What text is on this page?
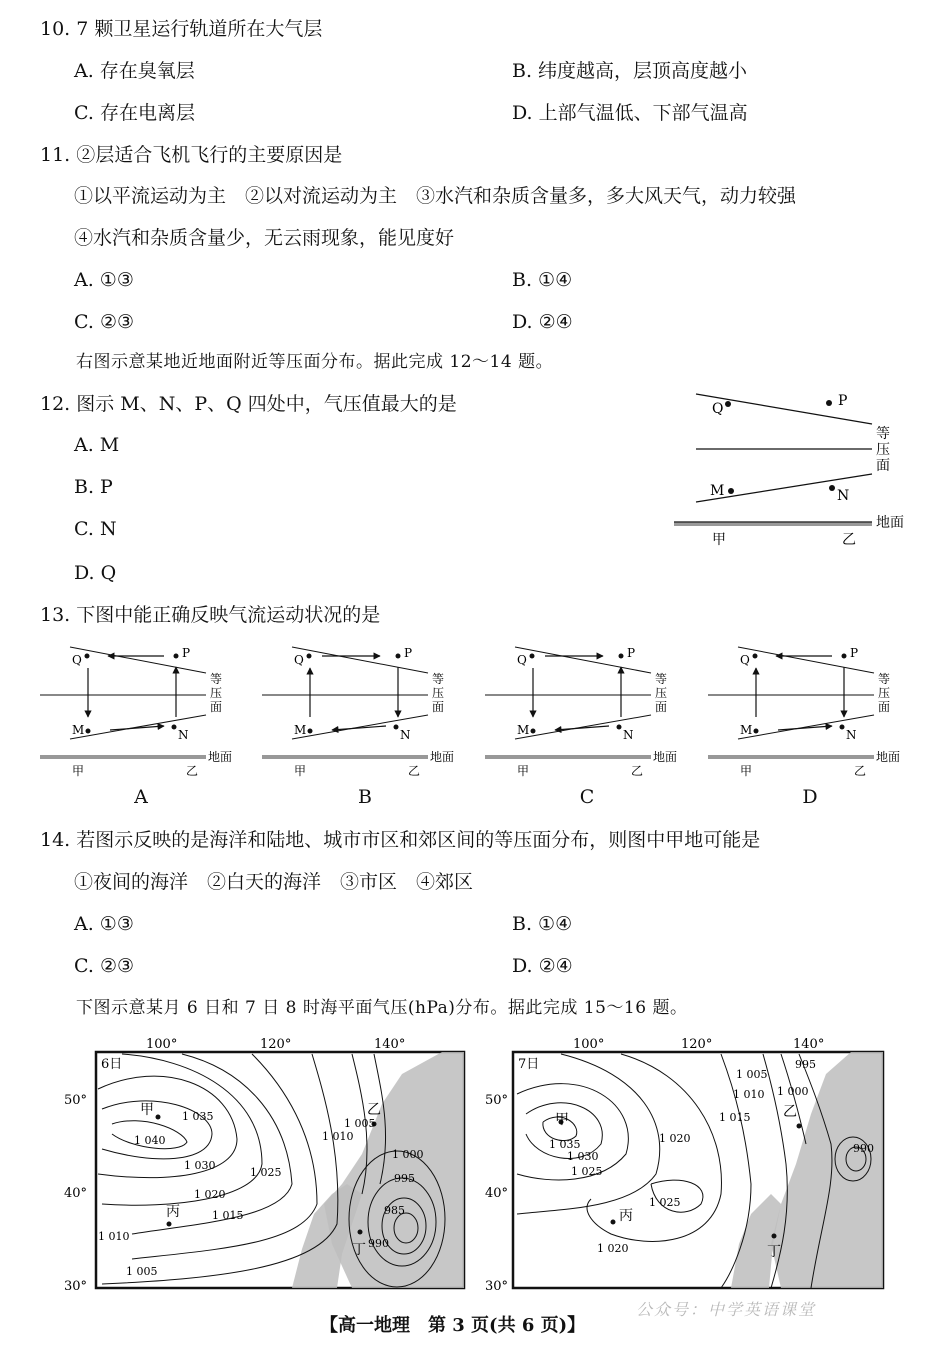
10. 7 颗卫星运行轨道所在大气层
A. 存在臭氧层	B. 纬度越高，层顶高度越小
C. 存在电离层	D. 上部气温低、下部气温高
11. ②层适合飞机飞行的主要原因是
①以平流运动为主　②以对流运动为主　③水汽和杂质含量多，多大风天气，动力较强
④水汽和杂质含量少，无云雨现象，能见度好
A. ①③	B. ①④
C. ②③	D. ②④
右图示意某地近地面附近等压面分布。据此完成 12～14 题。
12. 图示 M、N、P、Q 四处中，气压值最大的是
A. M
B. P
C. N
D. Q
Q	P
M	N
等
压
面
地面
甲	乙
13. 下图中能正确反映气流运动状况的是
Q	P
M	N
等
压
面
地面
甲	乙
Q	P
M	N
等
压
面
地面
甲	乙
Q	P
M	N
等
压
面
地面
甲	乙
Q	P
M	N
等
压
面
地面
甲	乙
A	B	C	D
14. 若图示反映的是海洋和陆地、城市市区和郊区间的等压面分布，则图中甲地可能是
①夜间的海洋　②白天的海洋　③市区　④郊区
A. ①③	B. ①④
C. ②③	D. ②④
下图示意某月 6 日和 7 日 8 时海平面气压(hPa)分布。据此完成 15～16 题。
100°	120°	140°
50°
40°
30°
甲	乙
丙
丁
6日
1 040
1 035
1 030
1 025
1 020
1 015
1 010
1 005
1 010
1 005
1 000
995
985
990
100°	120°	140°
50°
40°
30°
甲	乙
丙
丁
7日
1 035
1 030
1 025
1 020
1 025
1 020
1 015
1 010
1 005
1 000
995
990
公众号：中学英语课堂
【高一地理　第 3 页(共 6 页)】
